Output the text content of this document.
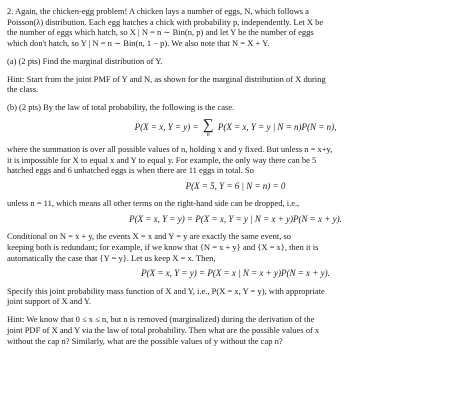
2. Again, the chicken-egg problem! A chicken lays a number of eggs, N, which follows a
Poisson(λ) distribution. Each egg hatches a chick with probability p, independently. Let X be
the number of eggs which hatch, so X | N = n ∼ Bin(n, p) and let Y be the number of eggs
which don't hatch, so Y | N = n ∼ Bin(n, 1 − p). We also note that N = X + Y.

(a) (2 pts) Find the marginal distribution of Y.

Hint: Start from the joint PMF of Y and N, as shown for the marginal distribution of X during
the class.

(b) (2 pts) By the law of total probability, the following is the case.

P(X = x, Y = y) = ∑
n
P(X = x, Y = y | N = n)P(N = n),

where the summation is over all possible values of n, holding x and y fixed. But unless n = x+y,
it is impossible for X to equal x and Y to equal y. For example, the only way there can be 5
hatched eggs and 6 unhatched eggs is when there are 11 eggs in total. So

P(X = 5, Y = 6 | N = n) = 0

unless n = 11, which means all other terms on the right-hand side can be dropped, i.e.,

P(X = x, Y = y) = P(X = x, Y = y | N = x + y)P(N = x + y).

Conditional on N = x + y, the events X = x and Y = y are exactly the same event, so
keeping both is redundant; for example, if we know that {N = x + y} and {X = x}, then it is
automatically the case that {Y = y}. Let us keep X = x. Then,

P(X = x, Y = y) = P(X = x | N = x + y)P(N = x + y).

Specify this joint probability mass function of X and Y, i.e., P(X = x, Y = y), with appropriate
joint support of X and Y.

Hint: We know that 0 ≤ x ≤ n, but n is removed (marginalized) during the derivation of the
joint PDF of X and Y via the law of total probability. Then what are the possible values of x
without the cap n? Similarly, what are the possible values of y without the cap n?
